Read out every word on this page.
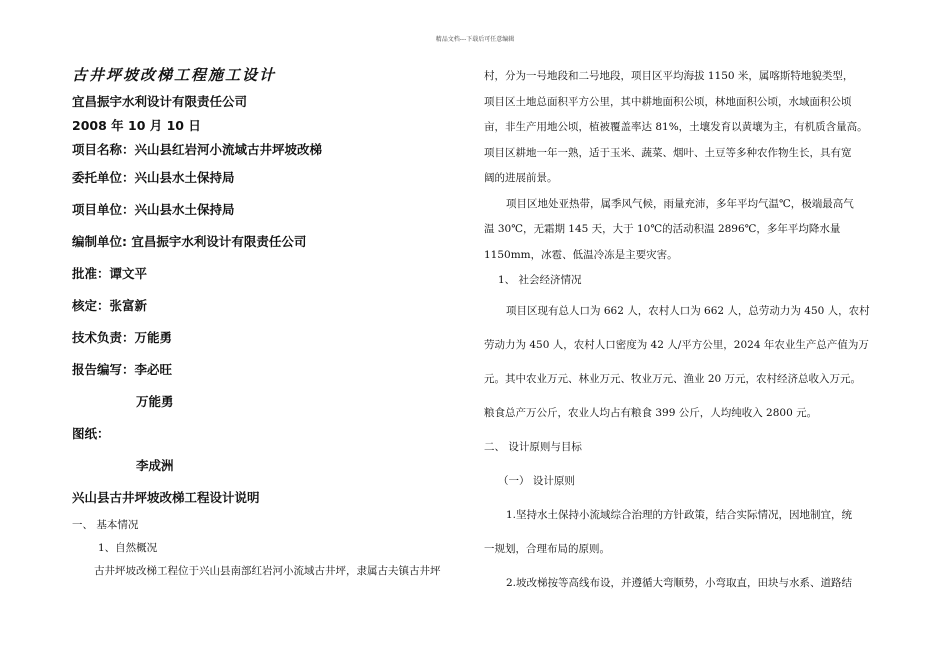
精品文档---下载后可任意编辑
古井坪坡改梯工程施工设计
宜昌振宇水利设计有限责任公司
2008 年 10 月 10 日
项目名称：兴山县红岩河小流域古井坪坡改梯
委托单位：兴山县水土保持局
项目单位：兴山县水土保持局
编制单位: 宜昌振宇水利设计有限责任公司
批准：谭文平
核定：张富新
技术负责：万能勇
报告编写：李必旺
万能勇
图纸：
李成洲
兴山县古井坪坡改梯工程设计说明
一、 基本情况
1、自然概况
古井坪坡改梯工程位于兴山县南部红岩河小流域古井坪，隶属古夫镇古井坪
村，分为一号地段和二号地段，项目区平均海拔 1150 米，属喀斯特地貌类型，
项目区土地总面积平方公里，其中耕地面积公顷，林地面积公顷，水域面积公顷
亩，非生产用地公顷，植被覆盖率达 81%，土壤发育以黄壤为主，有机质含量高。
项目区耕地一年一熟，适于玉米、蔬菜、烟叶、土豆等多种农作物生长，具有宽
阔的进展前景。
项目区地处亚热带，属季风气候，雨量充沛，多年平均气温℃，极端最高气
温 30℃，无霜期 145 天，大于 10℃的活动积温 2896℃，多年平均降水量
1150mm，冰雹、低温冷冻是主要灾害。
1、 社会经济情况
项目区现有总人口为 662 人，农村人口为 662 人，总劳动力为 450 人，农村
劳动力为 450 人，农村人口密度为 42 人/平方公里，2024 年农业生产总产值为万
元。其中农业万元、林业万元、牧业万元、渔业 20 万元，农村经济总收入万元。
粮食总产万公斤，农业人均占有粮食 399 公斤，人均纯收入 2800 元。
二、 设计原则与目标
（一） 设计原则
1.坚持水土保持小流域综合治理的方针政策，结合实际情况，因地制宜，统
一规划，合理布局的原则。
2.坡改梯按等高线布设，并遵循大弯顺势，小弯取直，田块与水系、道路结
